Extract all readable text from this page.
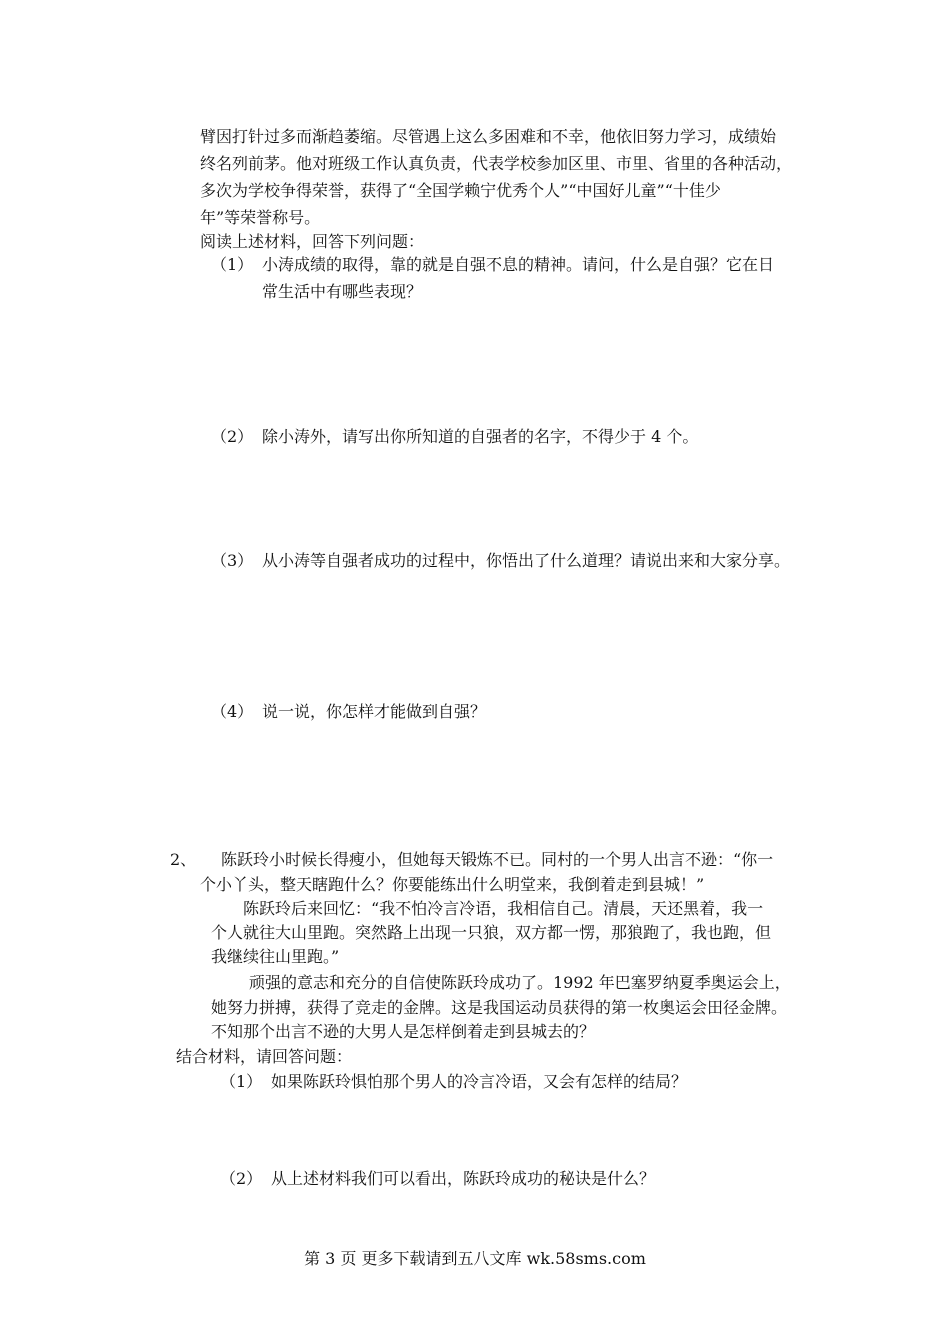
臂因打针过多而渐趋萎缩。尽管遇上这么多困难和不幸，他依旧努力学习，成绩始
终名列前茅。他对班级工作认真负责，代表学校参加区里、市里、省里的各种活动，
多次为学校争得荣誉，获得了“全国学赖宁优秀个人”“中国好儿童”“十佳少
年”等荣誉称号。
阅读上述材料，回答下列问题：
（1） 小涛成绩的取得，靠的就是自强不息的精神。请问，什么是自强？它在日
常生活中有哪些表现？
（2） 除小涛外，请写出你所知道的自强者的名字，不得少于 4 个。
（3） 从小涛等自强者成功的过程中，你悟出了什么道理？请说出来和大家分享。
（4） 说一说，你怎样才能做到自强？
2、 陈跃玲小时候长得瘦小，但她每天锻炼不已。同村的一个男人出言不逊：“你一
个小丫头，整天瞎跑什么？你要能练出什么明堂来，我倒着走到县城！”
陈跃玲后来回忆：“我不怕冷言冷语，我相信自己。清晨，天还黑着，我一
个人就往大山里跑。突然路上出现一只狼，双方都一愣，那狼跑了，我也跑，但
我继续往山里跑。”
顽强的意志和充分的自信使陈跃玲成功了。1992 年巴塞罗纳夏季奥运会上，
她努力拼搏，获得了竞走的金牌。这是我国运动员获得的第一枚奥运会田径金牌。
不知那个出言不逊的大男人是怎样倒着走到县城去的？
结合材料，请回答问题：
（1） 如果陈跃玲惧怕那个男人的冷言冷语，又会有怎样的结局？
（2） 从上述材料我们可以看出，陈跃玲成功的秘诀是什么？
第 3 页 更多下载请到五八文库 wk.58sms.com
